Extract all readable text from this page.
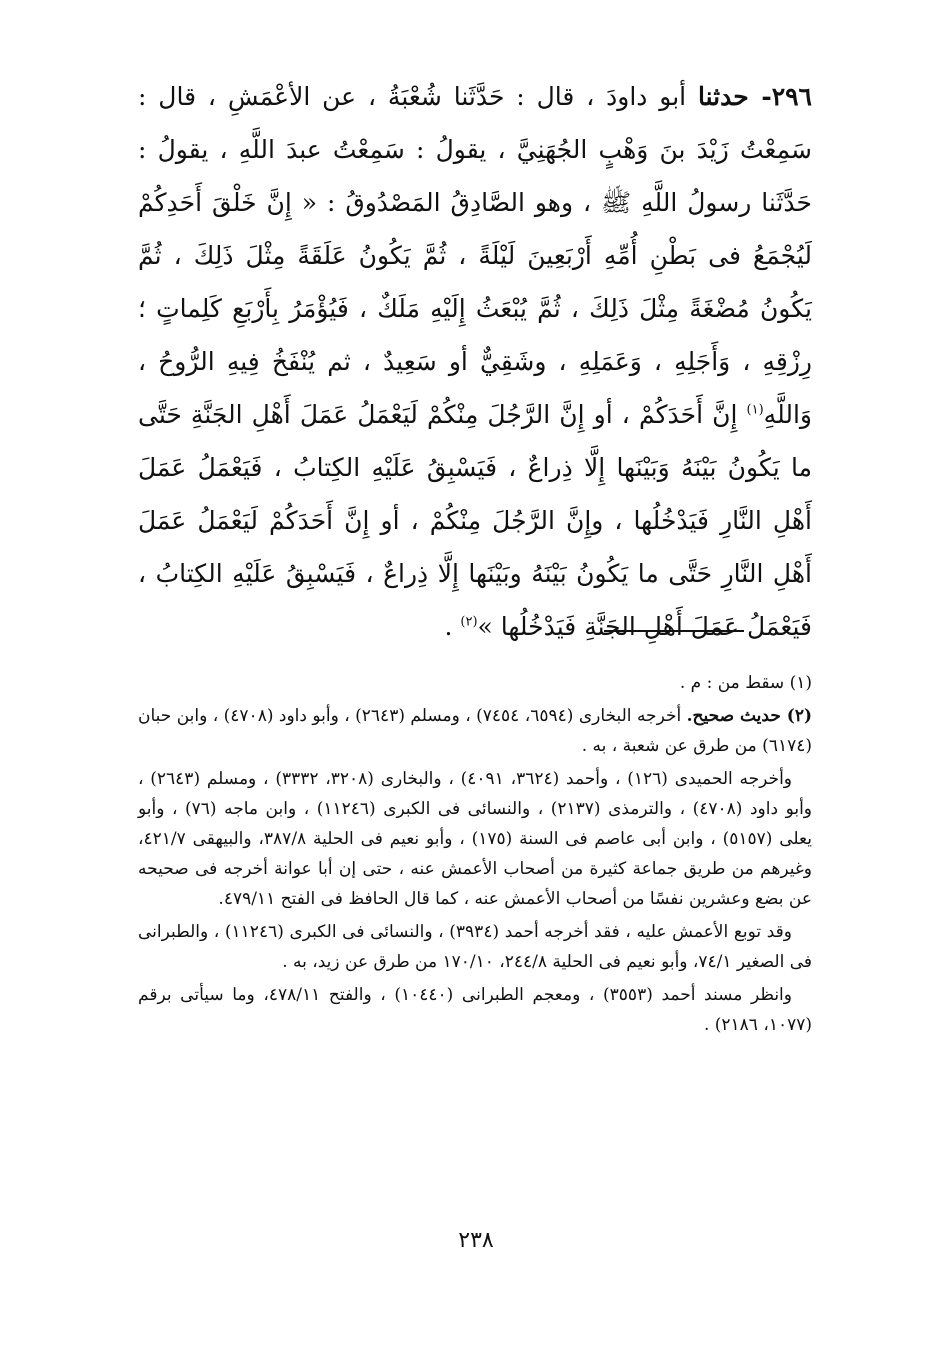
٢٩٦- حدثنا أبو داودَ ، قال : حَدَّثَنا شُعْبَةُ ، عن الأعْمَشِ ، قال : سَمِعْتُ زَيْدَ بنَ وَهْبٍ الجُهَنِيَّ ، يقولُ : سَمِعْتُ عبدَ اللَّهِ ، يقولُ : حَدَّثَنا رسولُ اللَّهِ ﷺ ، وهو الصَّادِقُ المَصْدُوقُ : « إِنَّ خَلْقَ أَحَدِكُمْ لَيُجْمَعُ فى بَطْنِ أُمِّهِ أَرْبَعِينَ لَيْلَةً ، ثُمَّ يَكُونُ عَلَقَةً مِثْلَ ذَلِكَ ، ثُمَّ يَكُونُ مُضْغَةً مِثْلَ ذَلِكَ ، ثُمَّ يُبْعَثُ إِلَيْهِ مَلَكٌ ، فَيُؤْمَرُ بِأَرْبَعِ كَلِماتٍ ؛ رِزْقِهِ ، وَأَجَلِهِ ، وَعَمَلِهِ ، وشَقِيٌّ أو سَعِيدٌ ، ثم يُنْفَخُ فِيهِ الرُّوحُ ، وَاللَّهِ$^{(١)}$ إِنَّ أَحَدَكُمْ ، أو إِنَّ الرَّجُلَ مِنْكُمْ لَيَعْمَلُ عَمَلَ أَهْلِ الجَنَّةِ حَتَّى ما يَكُونُ بَيْنَهُ وَبَيْنَها إِلَّا ذِراعٌ ، فَيَسْبِقُ عَلَيْهِ الكِتابُ ، فَيَعْمَلُ عَمَلَ أَهْلِ النَّارِ فَيَدْخُلُها ، وإِنَّ الرَّجُلَ مِنْكُمْ ، أو إِنَّ أَحَدَكُمْ لَيَعْمَلُ عَمَلَ أَهْلِ النَّارِ حَتَّى ما يَكُونُ بَيْنَهُ وبَيْنَها إِلَّا ذِراعٌ ، فَيَسْبِقُ عَلَيْهِ الكِتابُ ، فَيَعْمَلُ عَمَلَ أَهْلِ الجَنَّةِ فَيَدْخُلُها »$^{(٢)}$ .

(١) سقط من : م .

(٢) حديث صحيح. أخرجه البخارى (٦٥٩٤، ٧٤٥٤) ، ومسلم (٢٦٤٣) ، وأبو داود (٤٧٠٨) ، وابن حبان (٦١٧٤) من طرق عن شعبة ، به .

وأخرجه الحميدى (١٢٦) ، وأحمد (٣٦٢٤، ٤٠٩١) ، والبخارى (٣٢٠٨، ٣٣٣٢) ، ومسلم (٢٦٤٣) ، وأبو داود (٤٧٠٨) ، والترمذى (٢١٣٧) ، والنسائى فى الكبرى (١١٢٤٦) ، وابن ماجه (٧٦) ، وأبو يعلى (٥١٥٧) ، وابن أبى عاصم فى السنة (١٧٥) ، وأبو نعيم فى الحلية ٣٨٧/٨، والبيهقى ٤٢١/٧، وغيرهم من طريق جماعة كثيرة من أصحاب الأعمش عنه ، حتى إن أبا عوانة أخرجه فى صحيحه عن بضع وعشرين نفسًا من أصحاب الأعمش عنه ، كما قال الحافظ فى الفتح ٤٧٩/١١.

وقد توبع الأعمش عليه ، فقد أخرجه أحمد (٣٩٣٤) ، والنسائى فى الكبرى (١١٢٤٦) ، والطبرانى فى الصغير ٧٤/١، وأبو نعيم فى الحلية ٢٤٤/٨، ١٧٠/١٠ من طرق عن زيد، به .

وانظر مسند أحمد (٣٥٥٣) ، ومعجم الطبرانى (١٠٤٤٠) ، والفتح ٤٧٨/١١، وما سيأتى برقم (١٠٧٧، ٢١٨٦) .

٢٣٨
